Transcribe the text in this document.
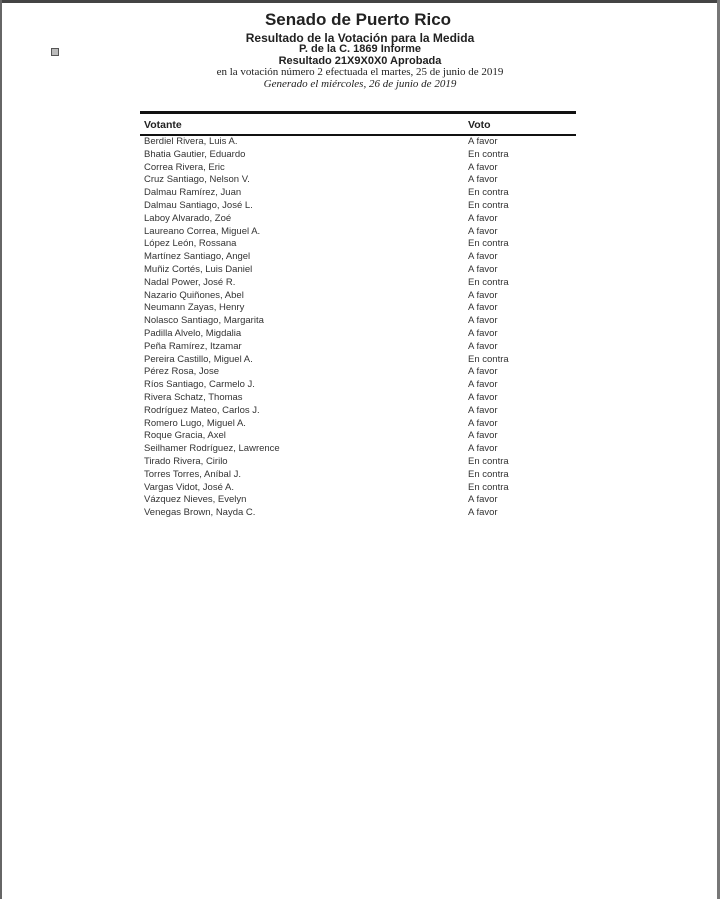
Senado de Puerto Rico
Resultado de la Votación para la Medida
P. de la C. 1869 Informe
Resultado 21X9X0X0 Aprobada
en la votación número 2 efectuada el martes, 25 de junio de 2019
Generado el miércoles, 26 de junio de 2019
Votante	Voto
Berdiel Rivera, Luis A.	A favor
Bhatia Gautier, Eduardo	En contra
Correa Rivera, Eric	A favor
Cruz Santiago, Nelson V.	A favor
Dalmau Ramírez, Juan	En contra
Dalmau Santiago, José L.	En contra
Laboy Alvarado, Zoé	A favor
Laureano Correa, Miguel A.	A favor
López León, Rossana	En contra
Martínez Santiago, Angel	A favor
Muñiz Cortés, Luis Daniel	A favor
Nadal Power, José R.	En contra
Nazario Quiñones, Abel	A favor
Neumann Zayas, Henry	A favor
Nolasco Santiago, Margarita	A favor
Padilla Alvelo, Migdalia	A favor
Peña Ramírez, Itzamar	A favor
Pereira Castillo, Miguel A.	En contra
Pérez Rosa, Jose	A favor
Ríos Santiago, Carmelo J.	A favor
Rivera Schatz, Thomas	A favor
Rodríguez Mateo, Carlos J.	A favor
Romero Lugo, Miguel A.	A favor
Roque Gracia, Axel	A favor
Seilhamer Rodríguez, Lawrence	A favor
Tirado Rivera, Cirilo	En contra
Torres Torres, Aníbal J.	En contra
Vargas Vidot, José A.	En contra
Vázquez Nieves, Evelyn	A favor
Venegas Brown, Nayda C.	A favor
